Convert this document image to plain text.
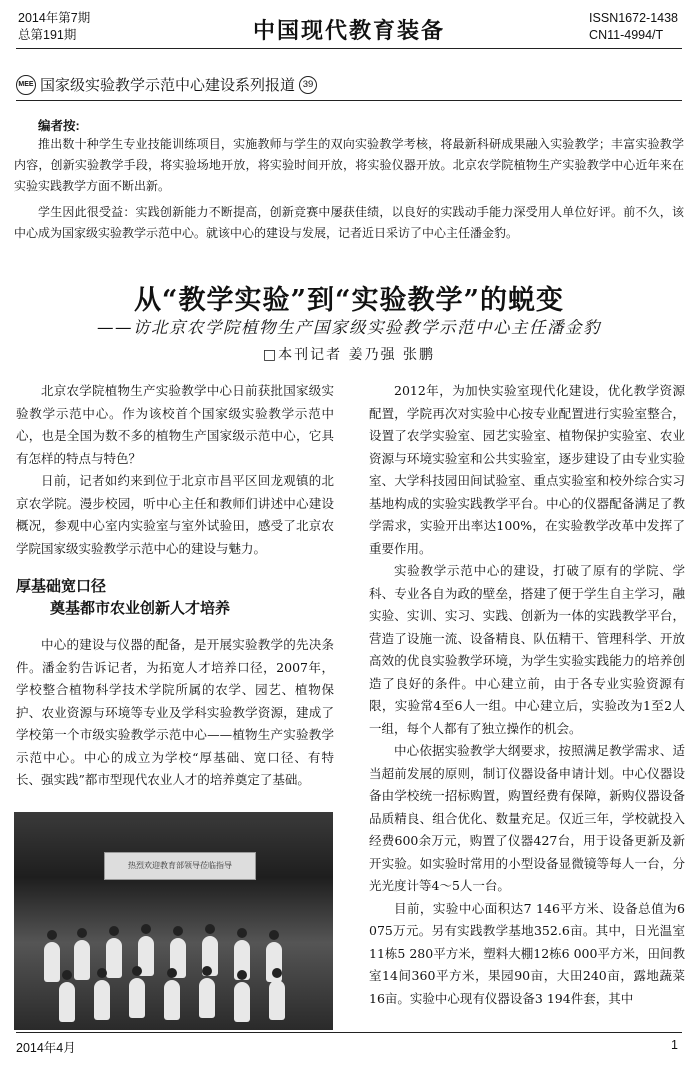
2014年第7期
总第191期	中国现代教育装备	ISSN1672-1438
CN11-4994/T
MEE 国家级实验教学示范中心建设系列报道 39
编者按:

推出数十种学生专业技能训练项目，实施教师与学生的双向实验教学考核，将最新科研成果融入实验教学；丰富实验教学内容，创新实验教学手段，将实验场地开放，将实验时间开放，将实验仪器开放。北京农学院植物生产实验教学中心近年来在实验实践教学方面不断出新。

学生因此很受益：实践创新能力不断提高，创新竞赛中屡获佳绩，以良好的实践动手能力深受用人单位好评。前不久，该中心成为国家级实验教学示范中心。就该中心的建设与发展，记者近日采访了中心主任潘金豹。

从“教学实验”到“实验教学”的蜕变
——访北京农学院植物生产国家级实验教学示范中心主任潘金豹
□本刊记者 姜乃强 张鹏

北京农学院植物生产实验教学中心日前获批国家级实验教学示范中心。作为该校首个国家级实验教学示范中心，也是全国为数不多的植物生产国家级示范中心，它具有怎样的特点与特色？

日前，记者如约来到位于北京市昌平区回龙观镇的北京农学院。漫步校园，听中心主任和教师们讲述中心建设概况，参观中心室内实验室与室外试验田，感受了北京农学院国家级实验教学示范中心的建设与魅力。

厚基础宽口径
奠基都市农业创新人才培养

中心的建设与仪器的配备，是开展实验教学的先决条件。潘金豹告诉记者，为拓宽人才培养口径，2007年，学校整合植物科学技术学院所属的农学、园艺、植物保护、农业资源与环境等专业及学科实验教学资源，建成了学校第一个市级实验教学示范中心——植物生产实验教学示范中心。中心的成立为学校“厚基础、宽口径、有特长、强实践”都市型现代农业人才的培养奠定了基础。

热烈欢迎教育部领导莅临指导

2012年，为加快实验室现代化建设，优化教学资源配置，学院再次对实验中心按专业配置进行实验室整合，设置了农学实验室、园艺实验室、植物保护实验室、农业资源与环境实验室和公共实验室，逐步建设了由专业实验室、大学科技园田间试验室、重点实验室和校外综合实习基地构成的实验实践教学平台。中心的仪器配备满足了教学需求，实验开出率达100%，在实验教学改革中发挥了重要作用。

实验教学示范中心的建设，打破了原有的学院、学科、专业各自为政的壁垒，搭建了便于学生自主学习，融实验、实训、实习、实践、创新为一体的实践教学平台，营造了设施一流、设备精良、队伍精干、管理科学、开放高效的优良实验教学环境，为学生实验实践能力的培养创造了良好的条件。中心建立前，由于各专业实验资源有限，实验常4至6人一组。中心建立后，实验改为1至2人一组，每个人都有了独立操作的机会。

中心依据实验教学大纲要求，按照满足教学需求、适当超前发展的原则，制订仪器设备申请计划。中心仪器设备由学校统一招标购置，购置经费有保障，新购仪器设备品质精良、组合优化、数量充足。仅近三年，学校就投入经费600余万元，购置了仪器427台，用于设备更新及新开实验。如实验时常用的小型设备显微镜等每人一台，分光光度计等4～5人一台。

目前，实验中心面积达7 146平方米、设备总值为6 075万元。另有实践教学基地352.6亩。其中，日光温室11栋5 280平方米，塑料大棚12栋6 000平方米，田间教室14间360平方米，果园90亩，大田240亩，露地蔬菜16亩。实验中心现有仪器设备3 194件套，其中

2014年4月	1
